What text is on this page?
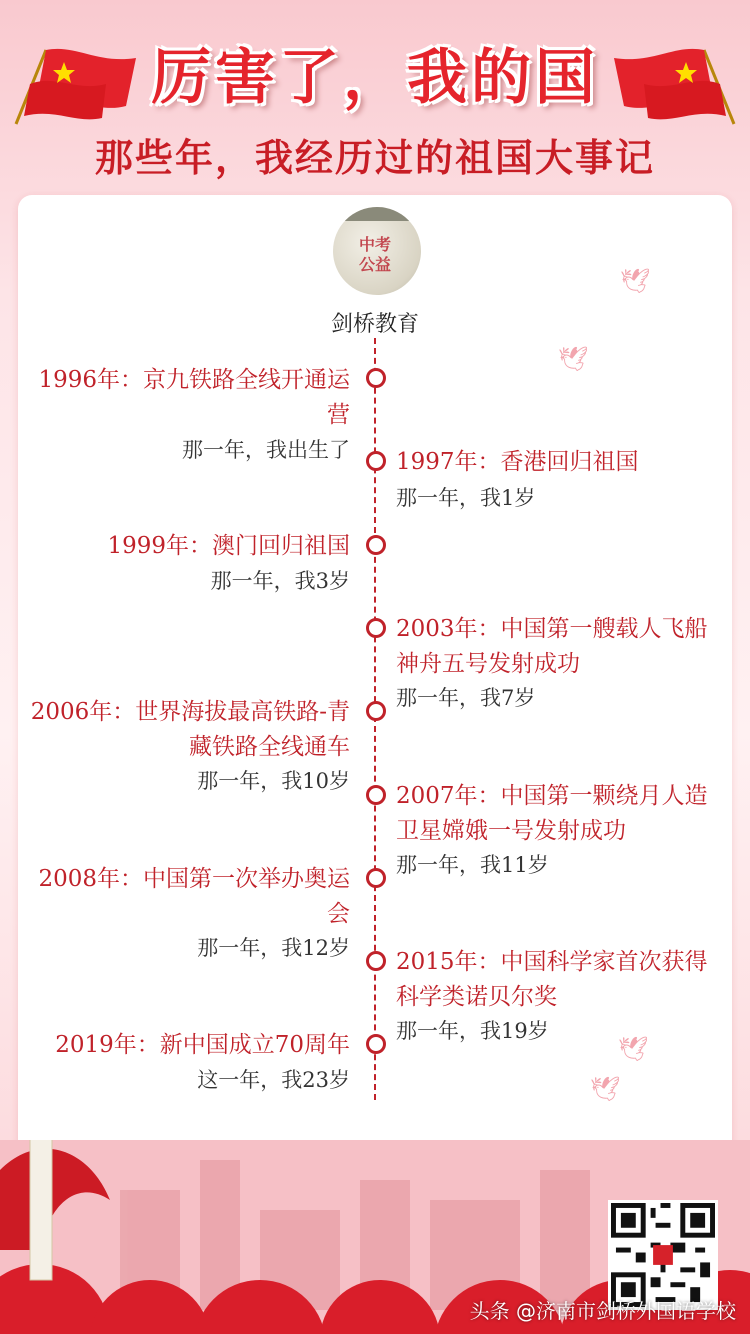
厉害了，我的国
那些年，我经历过的祖国大事记
中考
公益
剑桥教育
1996年：京九铁路全线开通运营
那一年，我出生了 1997年：香港回归祖国
那一年，我1岁
1999年：澳门回归祖国
那一年，我3岁
2003年：中国第一艘载人飞船神舟五号发射成功
那一年，我7岁
2006年：世界海拔最高铁路-青藏铁路全线通车
那一年，我10岁
2007年：中国第一颗绕月人造卫星嫦娥一号发射成功
那一年，我11岁
2008年：中国第一次举办奥运会
那一年，我12岁
2015年：中国科学家首次获得科学类诺贝尔奖
那一年，我19岁
2019年：新中国成立70周年
这一年，我23岁
🕊
🕊
🕊
🕊
头条 @济南市剑桥外国语学校
